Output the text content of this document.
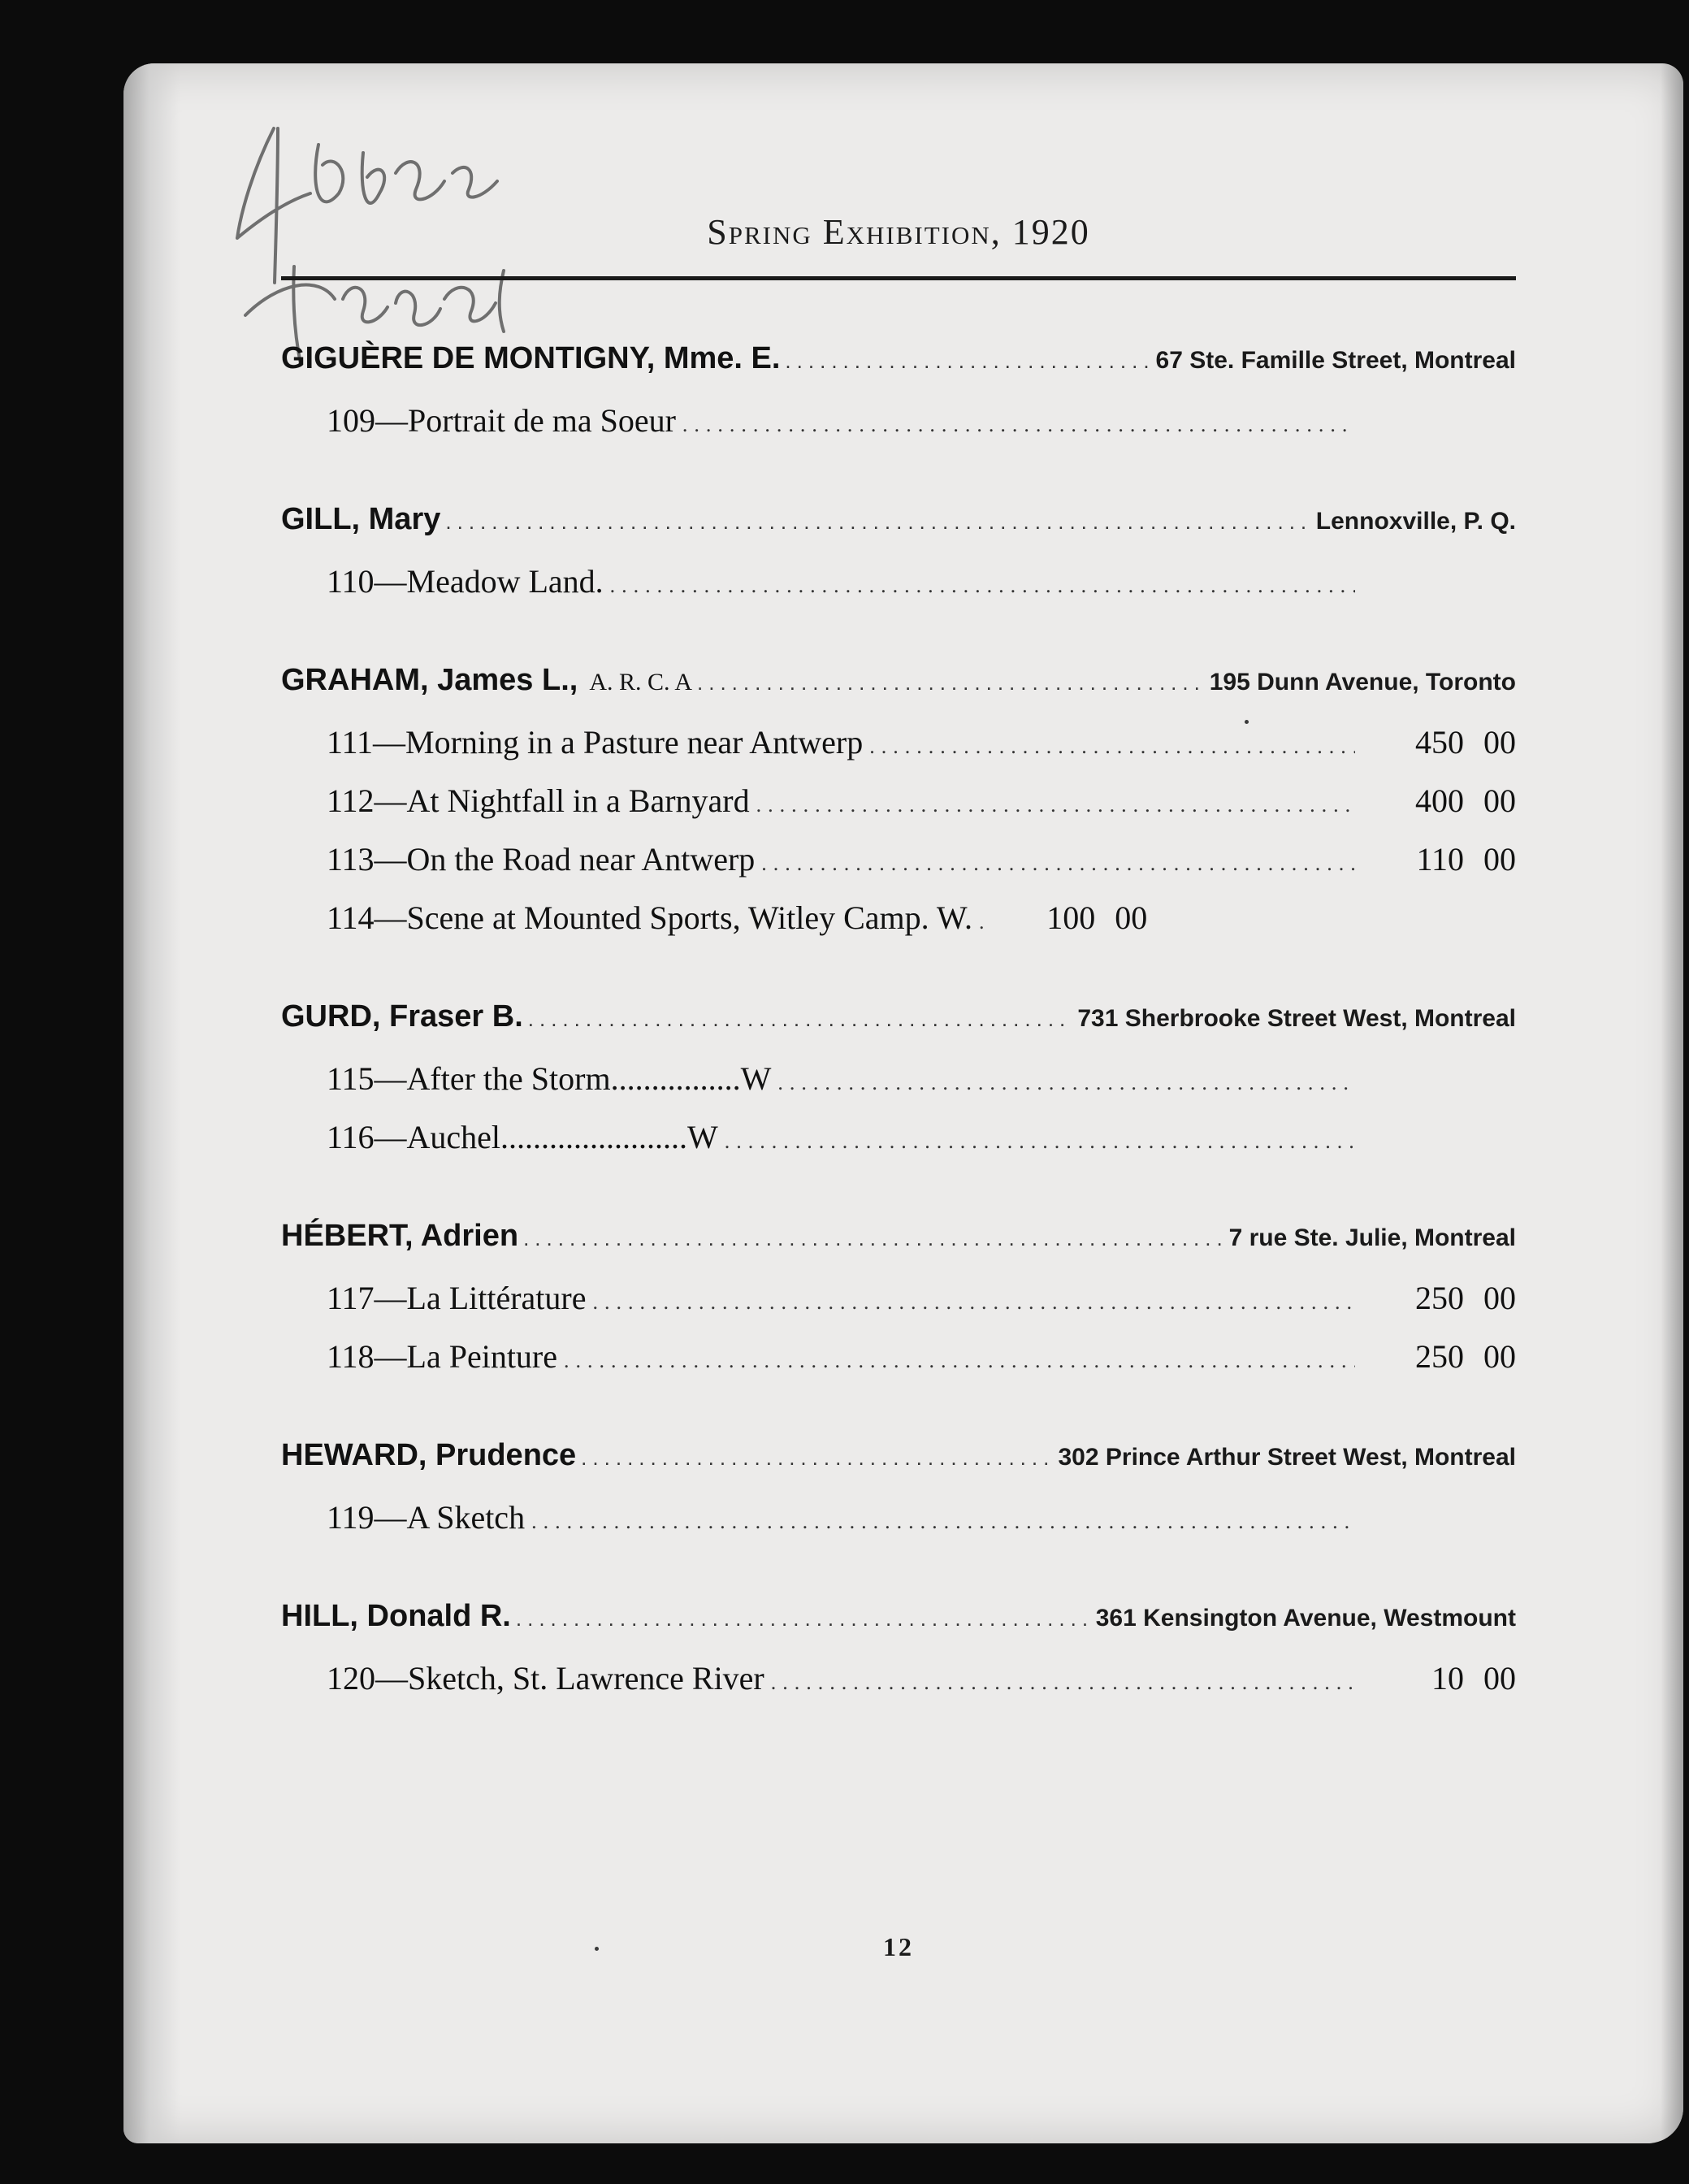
Spring Exhibition, 1920
GIGUÈRE DE MONTIGNY, Mme. E. .....	67 Ste. Famille Street, Montreal
109—Portrait de ma Soeur
.....
GILL, Mary .....	Lennoxville, P. Q.
110—Meadow Land.
.....
GRAHAM, James L., A. R. C. A .....	195 Dunn Avenue, Toronto
111—Morning in a Pasture near Antwerp .....	450 00
112—At Nightfall in a Barnyard .....	400 00
113—On the Road near Antwerp .....	110 00
114—Scene at Mounted Sports, Witley Camp. W. .....	100 00
GURD, Fraser B. .....	731 Sherbrooke Street West, Montreal
115—After the Storm................W
.....
116—Auchel.......................W
.....
HÉBERT, Adrien .....	7 rue Ste. Julie, Montreal
117—La Littérature .....	250 00
118—La Peinture .....	250 00
HEWARD, Prudence .....	302 Prince Arthur Street West, Montreal
119—A Sketch
.....
HILL, Donald R. .....	361 Kensington Avenue, Westmount
120—Sketch, St. Lawrence River .....	10 00
12
